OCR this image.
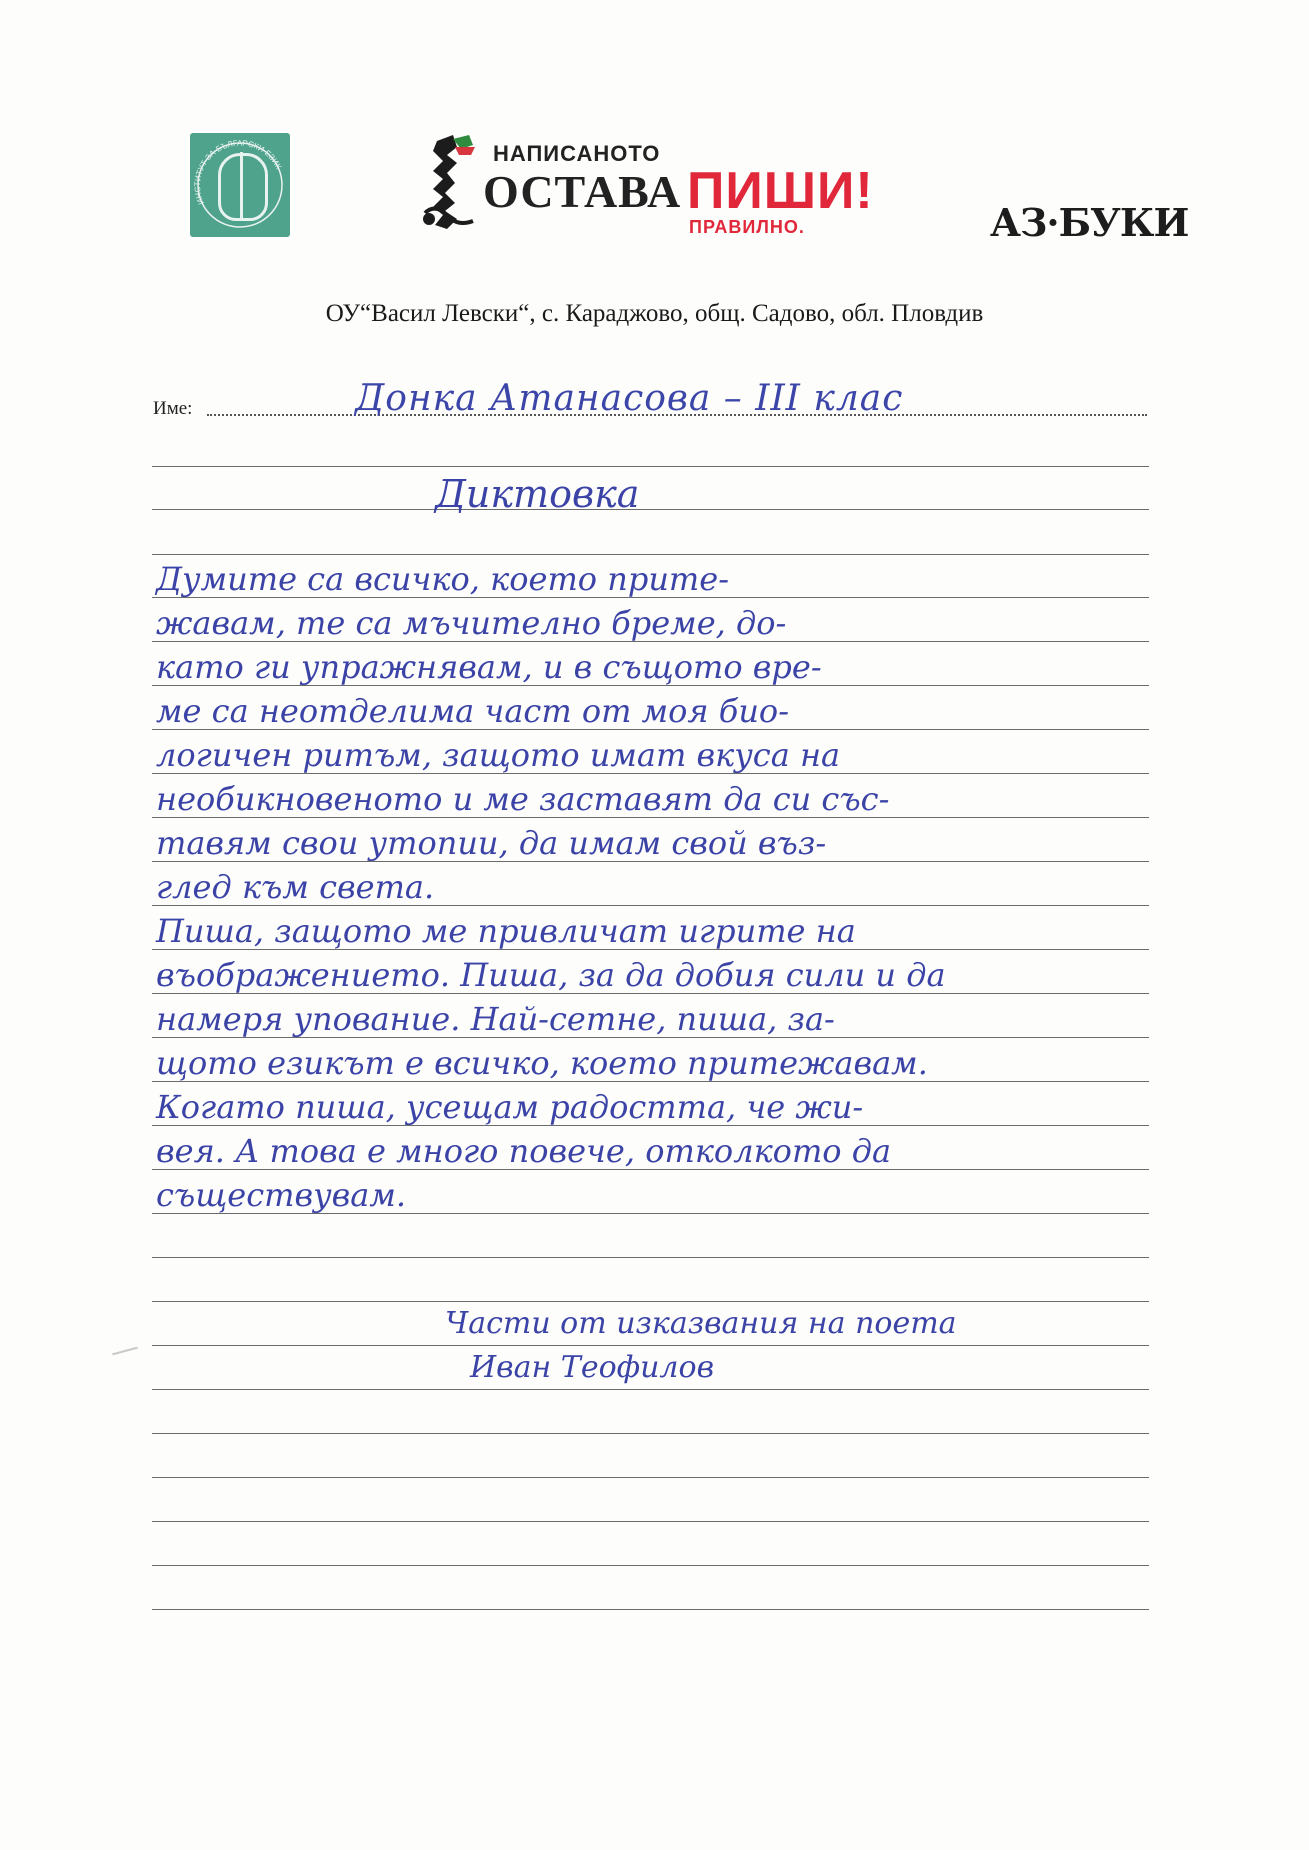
ИНСТИТУТ ЗА БЪЛГАРСКИ ЕЗИК
НАПИСАНОТО
ОСТАВА ПИШИ!
ПРАВИЛНО.	АЗ·БУКИ
ОУ“Васил Левски“, с. Караджово, общ. Садово, обл. Пловдив
Име:	Донка Атанасова – III клас
Диктовка
Думите са всичко, което прите-
жавам, те са мъчително бреме, до-
като ги упражнявам, и в същото вре-
ме са неотделима част от моя био-
логичен ритъм, защото имат вкуса на
необикновеното и ме заставят да си със-
тавям свои утопии, да имам свой въз-
глед към света.
Пиша, защото ме привличат игрите на
въображението. Пиша, за да добия сили и да
намеря упование. Най-сетне, пиша, за-
щото езикът е всичко, което притежавам.
Когато пиша, усещам радостта, че жи-
вея. А това е много повече, отколкото да
съществувам.
Части от изказвания на поета
Иван Теофилов
